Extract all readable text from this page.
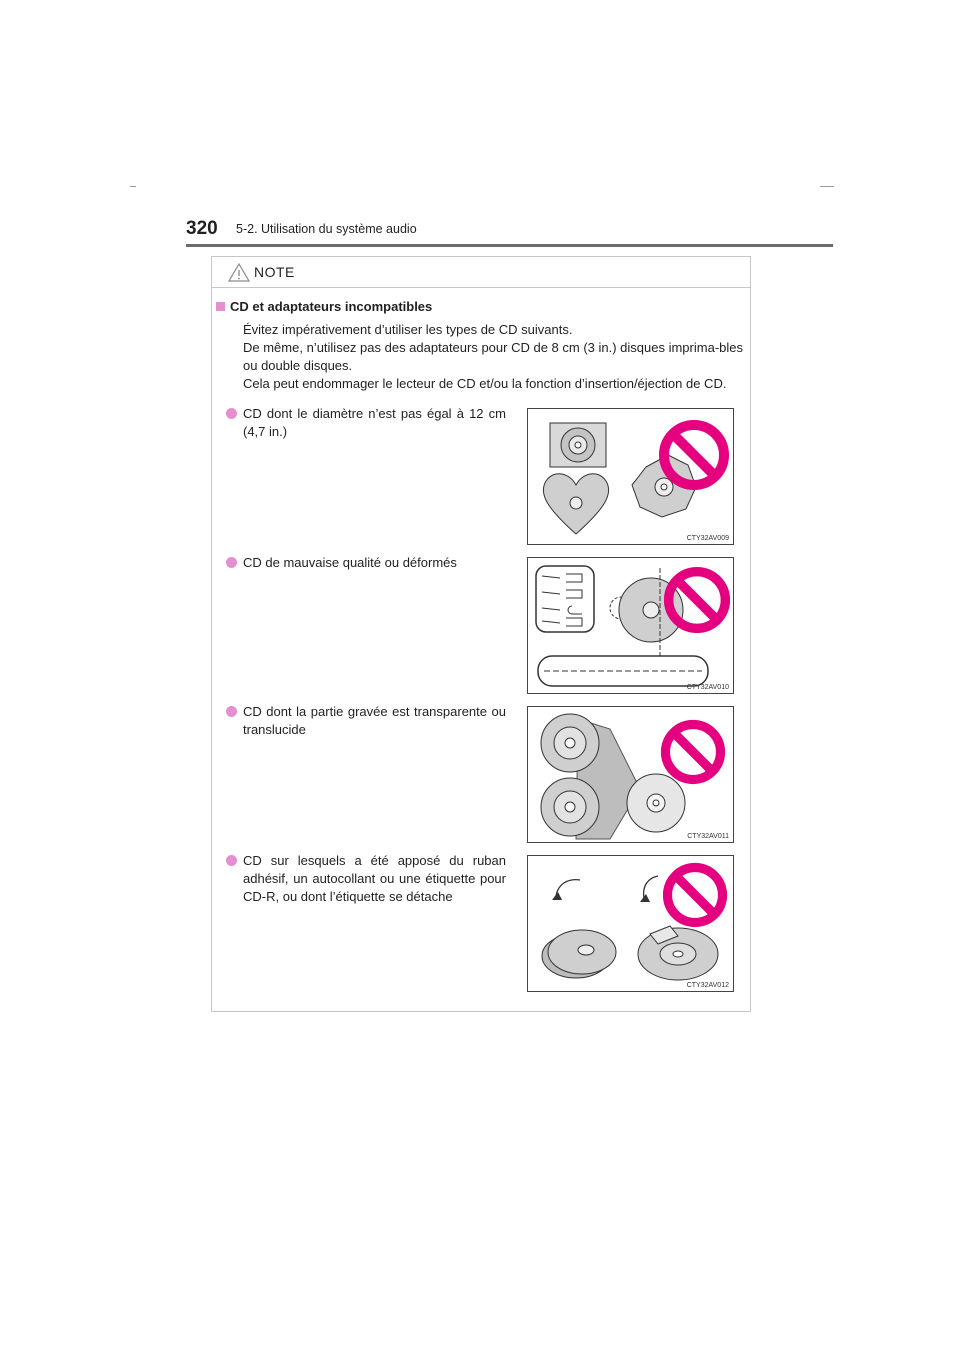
320 5-2. Utilisation du système audio
NOTE
CD et adaptateurs incompatibles
Évitez impérativement d’utiliser les types de CD suivants.
De même, n’utilisez pas des adaptateurs pour CD de 8 cm (3 in.) disques imprima-bles ou double disques.
Cela peut endommager le lecteur de CD et/ou la fonction d’insertion/éjection de CD.
CD dont le diamètre n’est pas égal à 12 cm (4,7 in.)
CTY32AV009
CD de mauvaise qualité ou déformés
CTY32AV010
CD dont la partie gravée est transparente ou translucide
CTY32AV011
CD sur lesquels a été apposé du ruban adhésif, un autocollant ou une étiquette pour CD-R, ou dont l’étiquette se détache
CTY32AV012
